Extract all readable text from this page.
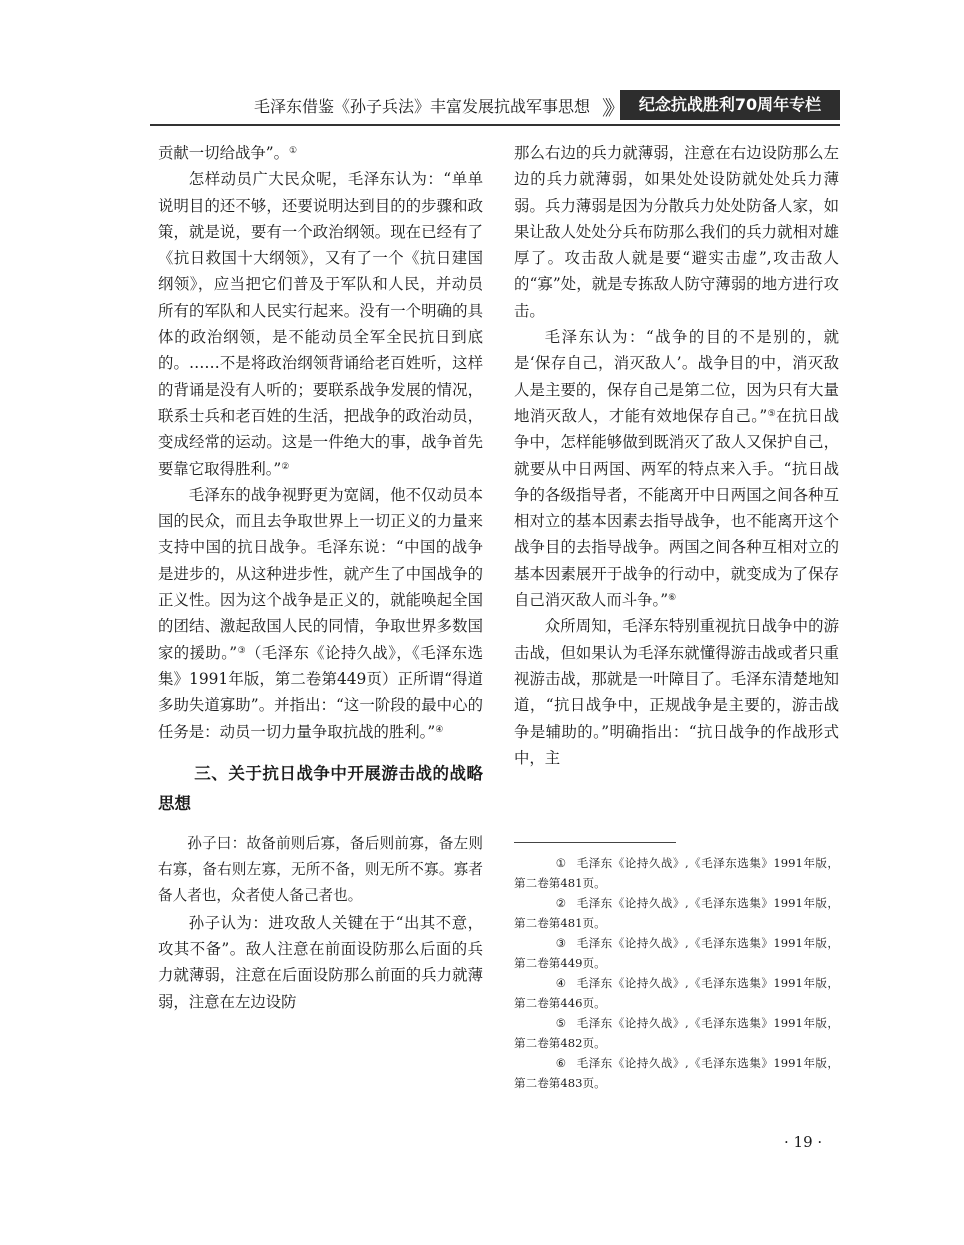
毛泽东借鉴《孙子兵法》丰富发展抗战军事思想 》》	纪念抗战胜利70周年专栏

贡献一切给战争”。①

怎样动员广大民众呢，毛泽东认为：“单单说明目的还不够，还要说明达到目的的步骤和政策，就是说，要有一个政治纲领。现在已经有了《抗日救国十大纲领》，又有了一个《抗日建国纲领》，应当把它们普及于军队和人民，并动员所有的军队和人民实行起来。没有一个明确的具体的政治纲领，是不能动员全军全民抗日到底的。……不是将政治纲领背诵给老百姓听，这样的背诵是没有人听的；要联系战争发展的情况，联系士兵和老百姓的生活，把战争的政治动员，变成经常的运动。这是一件绝大的事，战争首先要靠它取得胜利。”②

毛泽东的战争视野更为宽阔，他不仅动员本国的民众，而且去争取世界上一切正义的力量来支持中国的抗日战争。毛泽东说：“中国的战争是进步的，从这种进步性，就产生了中国战争的正义性。因为这个战争是正义的，就能唤起全国的团结、激起敌国人民的同情，争取世界多数国家的援助。”③（毛泽东《论持久战》，《毛泽东选集》1991年版，第二卷第449页）正所谓“得道多助失道寡助”。并指出：“这一阶段的最中心的任务是：动员一切力量争取抗战的胜利。”④

三、关于抗日战争中开展游击战的战略思想

孙子曰：故备前则后寡，备后则前寡，备左则右寡，备右则左寡，无所不备，则无所不寡。寡者备人者也，众者使人备己者也。

孙子认为：进攻敌人关键在于“出其不意，攻其不备”。敌人注意在前面设防那么后面的兵力就薄弱，注意在后面设防那么前面的兵力就薄弱，注意在左边设防

那么右边的兵力就薄弱，注意在右边设防那么左边的兵力就薄弱，如果处处设防就处处兵力薄弱。兵力薄弱是因为分散兵力处处防备人家，如果让敌人处处分兵布防那么我们的兵力就相对雄厚了。攻击敌人就是要“避实击虚”,攻击敌人的“寡”处，就是专拣敌人防守薄弱的地方进行攻击。

毛泽东认为：“战争的目的不是别的，就是‘保存自己，消灭敌人’。战争目的中，消灭敌人是主要的，保存自己是第二位，因为只有大量地消灭敌人，才能有效地保存自己。”⑤在抗日战争中，怎样能够做到既消灭了敌人又保护自己，就要从中日两国、两军的特点来入手。“抗日战争的各级指导者，不能离开中日两国之间各种互相对立的基本因素去指导战争，也不能离开这个战争目的去指导战争。两国之间各种互相对立的基本因素展开于战争的行动中，就变成为了保存自己消灭敌人而斗争。”⑥

众所周知，毛泽东特别重视抗日战争中的游击战，但如果认为毛泽东就懂得游击战或者只重视游击战，那就是一叶障目了。毛泽东清楚地知道，“抗日战争中，正规战争是主要的，游击战争是辅助的。”明确指出：“抗日战争的作战形式中，主

① 毛泽东《论持久战》,《毛泽东选集》1991年版，第二卷第481页。

② 毛泽东《论持久战》,《毛泽东选集》1991年版，第二卷第481页。

③ 毛泽东《论持久战》,《毛泽东选集》1991年版，第二卷第449页。

④ 毛泽东《论持久战》,《毛泽东选集》1991年版，第二卷第446页。

⑤ 毛泽东《论持久战》,《毛泽东选集》1991年版，第二卷第482页。

⑥ 毛泽东《论持久战》,《毛泽东选集》1991年版，第二卷第483页。

· 19 ·
